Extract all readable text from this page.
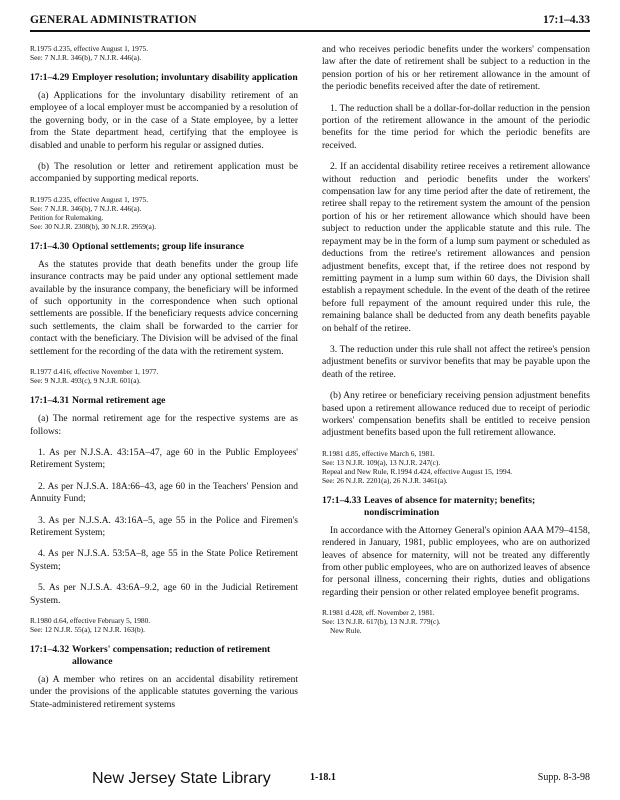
GENERAL ADMINISTRATION	17:1–4.33

R.1975 d.235, effective August 1, 1975.

See: 7 N.J.R. 346(b), 7 N.J.R. 446(a).

17:1–4.29 Employer resolution; involuntary disability application

(a) Applications for the involuntary disability retirement of an employee of a local employer must be accompanied by a resolution of the governing body, or in the case of a State employee, by a letter from the State department head, certifying that the employee is disabled and unable to perform his regular or assigned duties.

(b) The resolution or letter and retirement application must be accompanied by supporting medical reports.

R.1975 d.235, effective August 1, 1975.

See: 7 N.J.R. 346(b), 7 N.J.R. 446(a).

Petition for Rulemaking.

See: 30 N.J.R. 2308(b), 30 N.J.R. 2959(a).

17:1–4.30 Optional settlements; group life insurance

As the statutes provide that death benefits under the group life insurance contracts may be paid under any optional settlement made available by the insurance company, the beneficiary will be informed of such opportunity in the correspondence when such optional settlements are possible. If the beneficiary requests advice concerning such settlements, the claim shall be forwarded to the carrier for contact with the beneficiary. The Division will be advised of the final settlement for the recording of the data with the retirement system.

R.1977 d.416, effective November 1, 1977.

See: 9 N.J.R. 493(c), 9 N.J.R. 601(a).

17:1–4.31 Normal retirement age

(a) The normal retirement age for the respective systems are as follows:

1. As per N.J.S.A. 43:15A–47, age 60 in the Public Employees' Retirement System;

2. As per N.J.S.A. 18A:66–43, age 60 in the Teachers' Pension and Annuity Fund;

3. As per N.J.S.A. 43:16A–5, age 55 in the Police and Firemen's Retirement System;

4. As per N.J.S.A. 53:5A–8, age 55 in the State Police Retirement System;

5. As per N.J.S.A. 43:6A–9.2, age 60 in the Judicial Retirement System.

R.1980 d.64, effective February 5, 1980.

See: 12 N.J.R. 55(a), 12 N.J.R. 163(b).

17:1–4.32 Workers' compensation; reduction of retirement allowance

(a) A member who retires on an accidental disability retirement under the provisions of the applicable statutes governing the various State-administered retirement systems

and who receives periodic benefits under the workers' compensation law after the date of retirement shall be subject to a reduction in the pension portion of his or her retirement allowance in the amount of the periodic benefits received after the date of retirement.

1. The reduction shall be a dollar-for-dollar reduction in the pension portion of the retirement allowance in the amount of the periodic benefits for the time period for which the periodic benefits are received.

2. If an accidental disability retiree receives a retirement allowance without reduction and periodic benefits under the workers' compensation law for any time period after the date of retirement, the retiree shall repay to the retirement system the amount of the pension portion of his or her retirement allowance which should have been subject to reduction under the applicable statute and this rule. The repayment may be in the form of a lump sum payment or scheduled as deductions from the retiree's retirement allowances and pension adjustment benefits, except that, if the retiree does not respond by remitting payment in a lump sum within 60 days, the Division shall establish a repayment schedule. In the event of the death of the retiree before full repayment of the amount required under this rule, the remaining balance shall be deducted from any death benefits payable on behalf of the retiree.

3. The reduction under this rule shall not affect the retiree's pension adjustment benefits or survivor benefits that may be payable upon the death of the retiree.

(b) Any retiree or beneficiary receiving pension adjustment benefits based upon a retirement allowance reduced due to receipt of periodic workers' compensation benefits shall be entitled to receive pension adjustment benefits based upon the full retirement allowance.

R.1981 d.85, effective March 6, 1981.

See: 13 N.J.R. 109(a), 13 N.J.R. 247(c).

Repeal and New Rule, R.1994 d.424, effective August 15, 1994.

See: 26 N.J.R. 2201(a), 26 N.J.R. 3461(a).

17:1–4.33 Leaves of absence for maternity; benefits; nondiscrimination

In accordance with the Attorney General's opinion AAA M79–4158, rendered in January, 1981, public employees, who are on authorized leaves of absence for maternity, will not be treated any differently from other public employees, who are on authorized leaves of absence for personal illness, concerning their rights, duties and obligations regarding their pension or other related employee benefit programs.

R.1981 d.428, eff. November 2, 1981.

See: 13 N.J.R. 617(b), 13 N.J.R. 779(c).

New Rule.

New Jersey State Library	1-18.1	Supp. 8-3-98
